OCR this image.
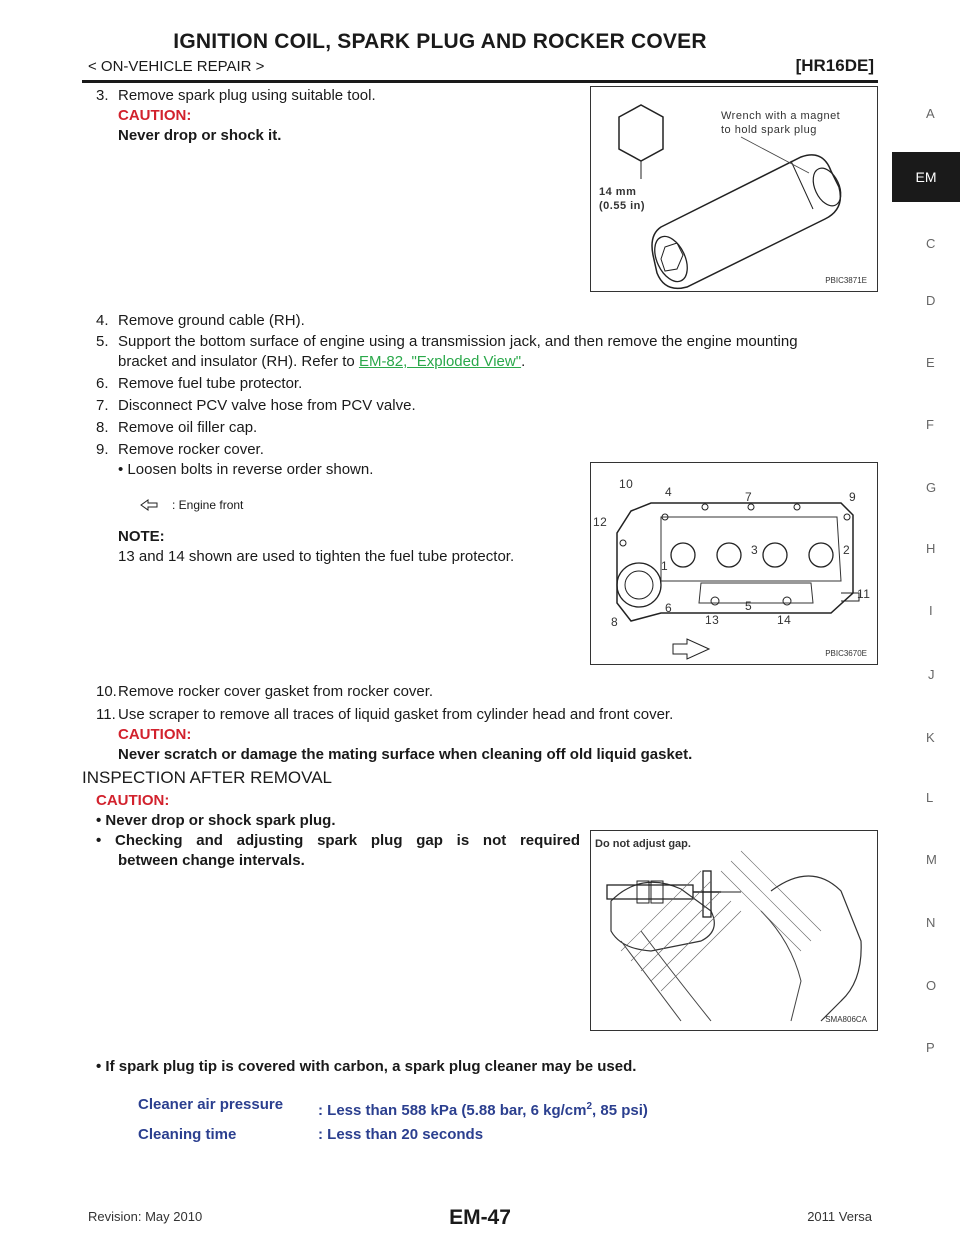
IGNITION COIL, SPARK PLUG AND ROCKER COVER
< ON-VEHICLE REPAIR >	[HR16DE]
A
EM
C
D
E
F
G
H
I
J
K
L
M
N
O
P
3. Remove spark plug using suitable tool.
CAUTION:
Never drop or shock it.
Wrench with a magnet
to hold spark plug
14 mm
(0.55 in)
PBIC3871E
4. Remove ground cable (RH).
5. Support the bottom surface of engine using a transmission jack, and then remove the engine mounting
bracket and insulator (RH). Refer to EM-82, "Exploded View".
6. Remove fuel tube protector.
7. Disconnect PCV valve hose from PCV valve.
8. Remove oil filler cap.
9. Remove rocker cover.
• Loosen bolts in reverse order shown.
: Engine front
NOTE:
13 and 14 shown are used to tighten the fuel tube protector.
10
4	7	9
12
2
3
1
11
5
6
13	14
8
PBIC3670E
10.Remove rocker cover gasket from rocker cover.
11. Use scraper to remove all traces of liquid gasket from cylinder head and front cover.
CAUTION:
Never scratch or damage the mating surface when cleaning off old liquid gasket.
INSPECTION AFTER REMOVAL
CAUTION:
• Never drop or shock spark plug.
• Checking and adjusting spark plug gap is not required
between change intervals.
Do not adjust gap.
SMA806CA
• If spark plug tip is covered with carbon, a spark plug cleaner may be used.
Cleaner air pressure : Less than 588 kPa (5.88 bar, 6 $kg/cm^2$, 85 psi)
Cleaning time	: Less than 20 seconds
Revision: May 2010	EM-47	2011 Versa
